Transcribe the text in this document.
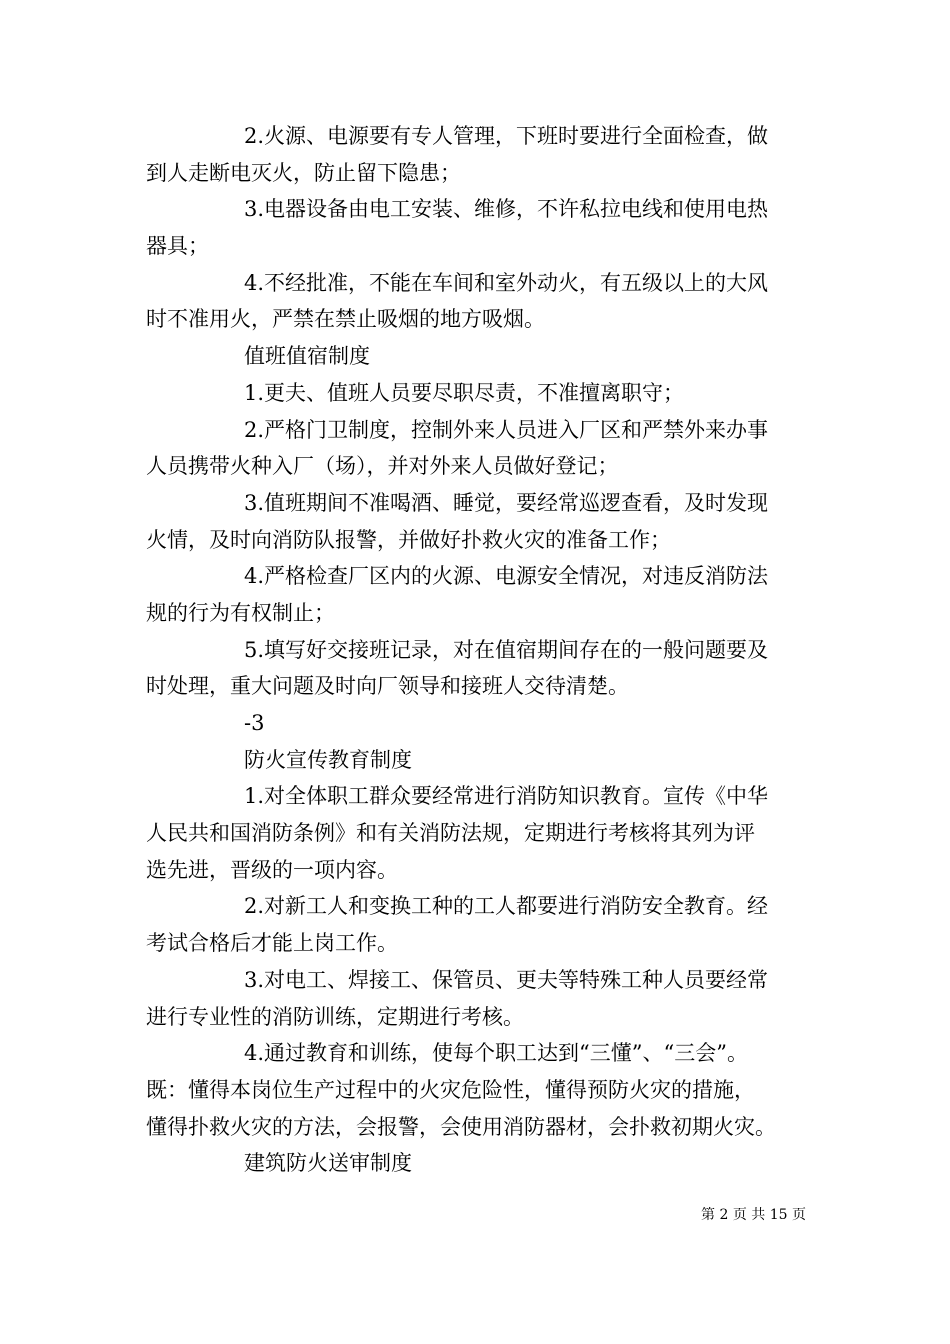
2.火源、电源要有专人管理，下班时要进行全面检查，做
到人走断电灭火，防止留下隐患；
3.电器设备由电工安装、维修，不许私拉电线和使用电热
器具；
4.不经批准，不能在车间和室外动火，有五级以上的大风
时不准用火，严禁在禁止吸烟的地方吸烟。
值班值宿制度
1.更夫、值班人员要尽职尽责，不准擅离职守；
2.严格门卫制度，控制外来人员进入厂区和严禁外来办事
人员携带火种入厂（场），并对外来人员做好登记；
3.值班期间不准喝酒、睡觉，要经常巡逻查看，及时发现
火情，及时向消防队报警，并做好扑救火灾的准备工作；
4.严格检查厂区内的火源、电源安全情况，对违反消防法
规的行为有权制止；
5.填写好交接班记录，对在值宿期间存在的一般问题要及
时处理，重大问题及时向厂领导和接班人交待清楚。
-3
防火宣传教育制度
1.对全体职工群众要经常进行消防知识教育。宣传《中华
人民共和国消防条例》和有关消防法规，定期进行考核将其列为评
选先进，晋级的一项内容。
2.对新工人和变换工种的工人都要进行消防安全教育。经
考试合格后才能上岗工作。
3.对电工、焊接工、保管员、更夫等特殊工种人员要经常
进行专业性的消防训练，定期进行考核。
4.通过教育和训练，使每个职工达到“三懂”、“三会”。
既：懂得本岗位生产过程中的火灾危险性，懂得预防火灾的措施，
懂得扑救火灾的方法，会报警，会使用消防器材，会扑救初期火灾。
建筑防火送审制度
第 2 页 共 15 页
